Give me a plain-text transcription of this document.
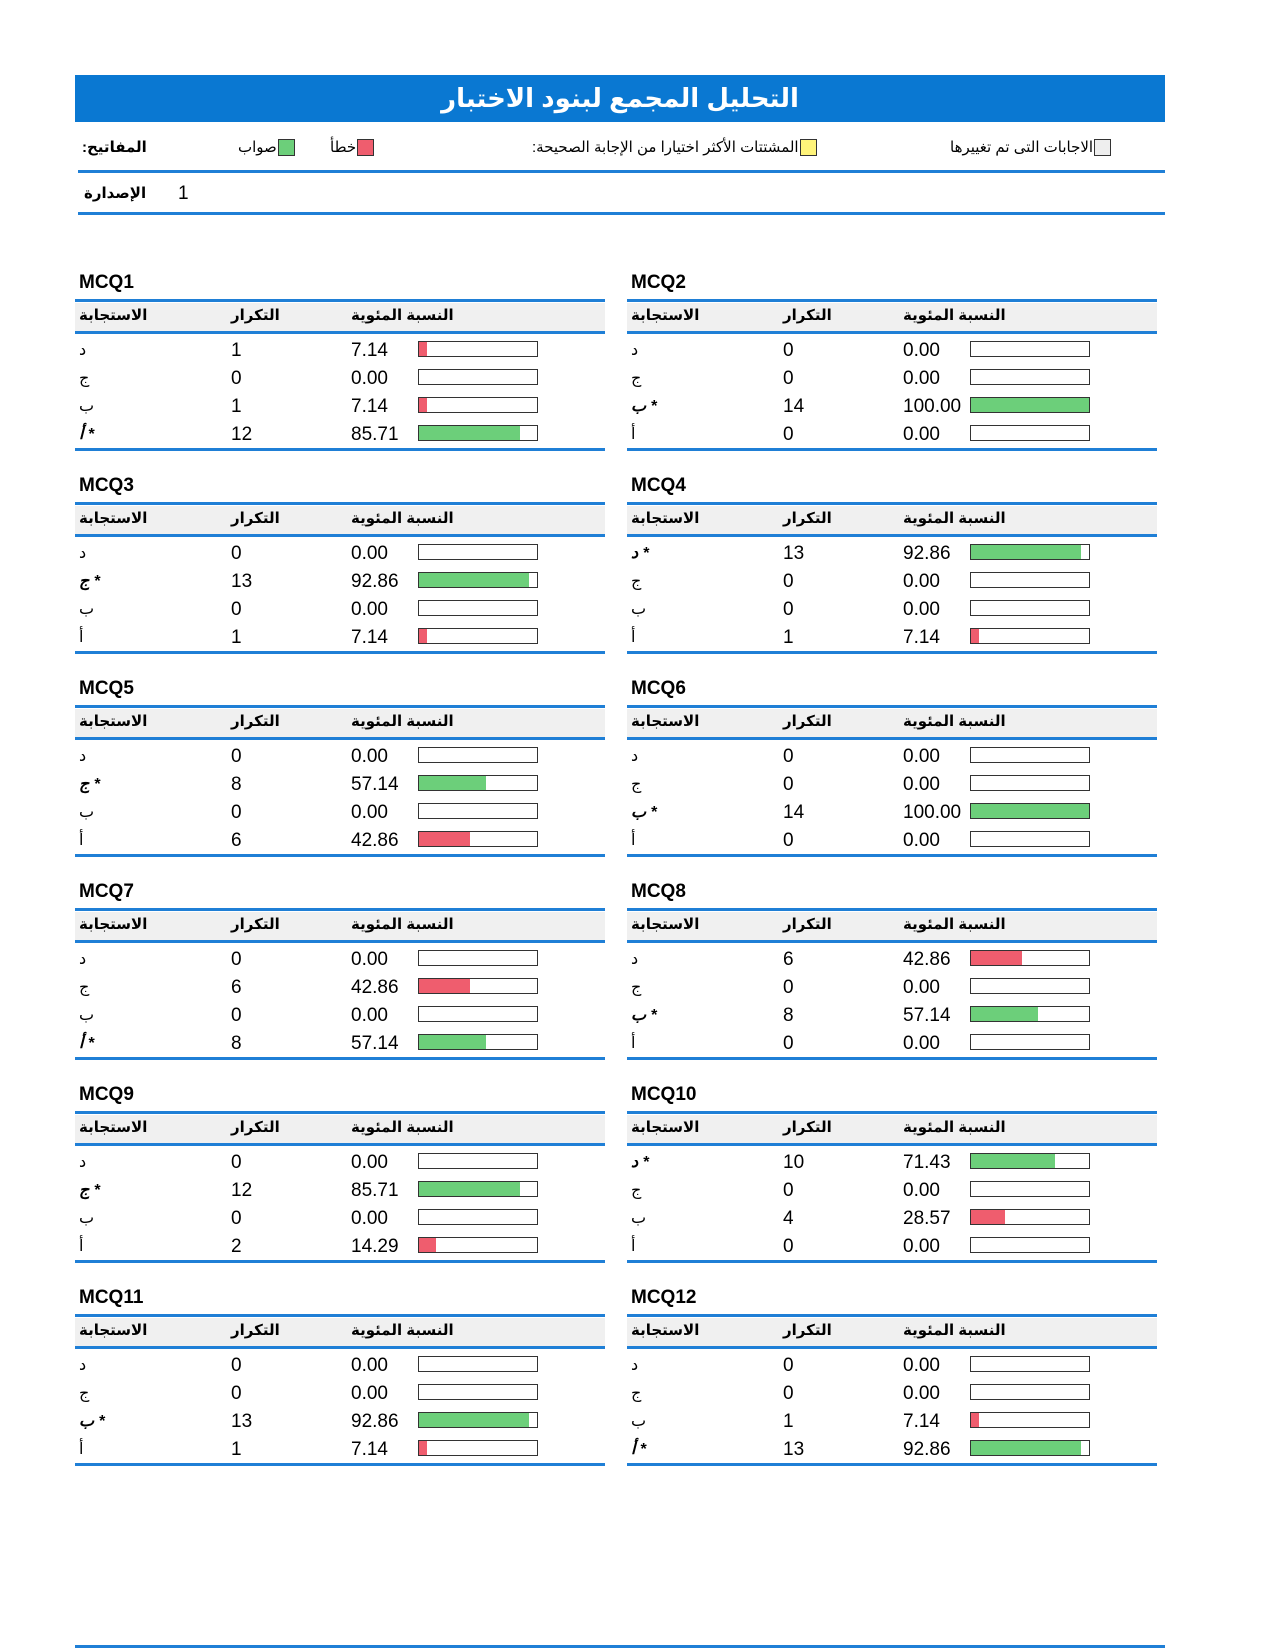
التحليل المجمع لبنود الاختبار
:المفاتيح	صواب	خطأ	:المشتتات الأكثر اختيارا من الإجابة الصحيحة	الاجابات التى تم تغييرها
الإصدارة 1
MCQ1
الاستجابة	التكرار	النسبة المئوية
د	1	7.14
ج	0	0.00
ب	1	7.14
أ *	12	85.71
MCQ2
الاستجابة	التكرار	النسبة المئوية
د	0	0.00
ج	0	0.00
ب *	14	100.00
أ	0	0.00
MCQ3
الاستجابة	التكرار	النسبة المئوية
د	0	0.00
ج *	13	92.86
ب	0	0.00
أ	1	7.14
MCQ4
الاستجابة	التكرار	النسبة المئوية
د *	13	92.86
ج	0	0.00
ب	0	0.00
أ	1	7.14
MCQ5
الاستجابة	التكرار	النسبة المئوية
د	0	0.00
ج *	8	57.14
ب	0	0.00
أ	6	42.86
MCQ6
الاستجابة	التكرار	النسبة المئوية
د	0	0.00
ج	0	0.00
ب *	14	100.00
أ	0	0.00
MCQ7
الاستجابة	التكرار	النسبة المئوية
د	0	0.00
ج	6	42.86
ب	0	0.00
أ *	8	57.14
MCQ8
الاستجابة	التكرار	النسبة المئوية
د	6	42.86
ج	0	0.00
ب *	8	57.14
أ	0	0.00
MCQ9
الاستجابة	التكرار	النسبة المئوية
د	0	0.00
ج *	12	85.71
ب	0	0.00
أ	2	14.29
MCQ10
الاستجابة	التكرار	النسبة المئوية
د *	10	71.43
ج	0	0.00
ب	4	28.57
أ	0	0.00
MCQ11
الاستجابة	التكرار	النسبة المئوية
د	0	0.00
ج	0	0.00
ب *	13	92.86
أ	1	7.14
MCQ12
الاستجابة	التكرار	النسبة المئوية
د	0	0.00
ج	0	0.00
ب	1	7.14
أ *	13	92.86
